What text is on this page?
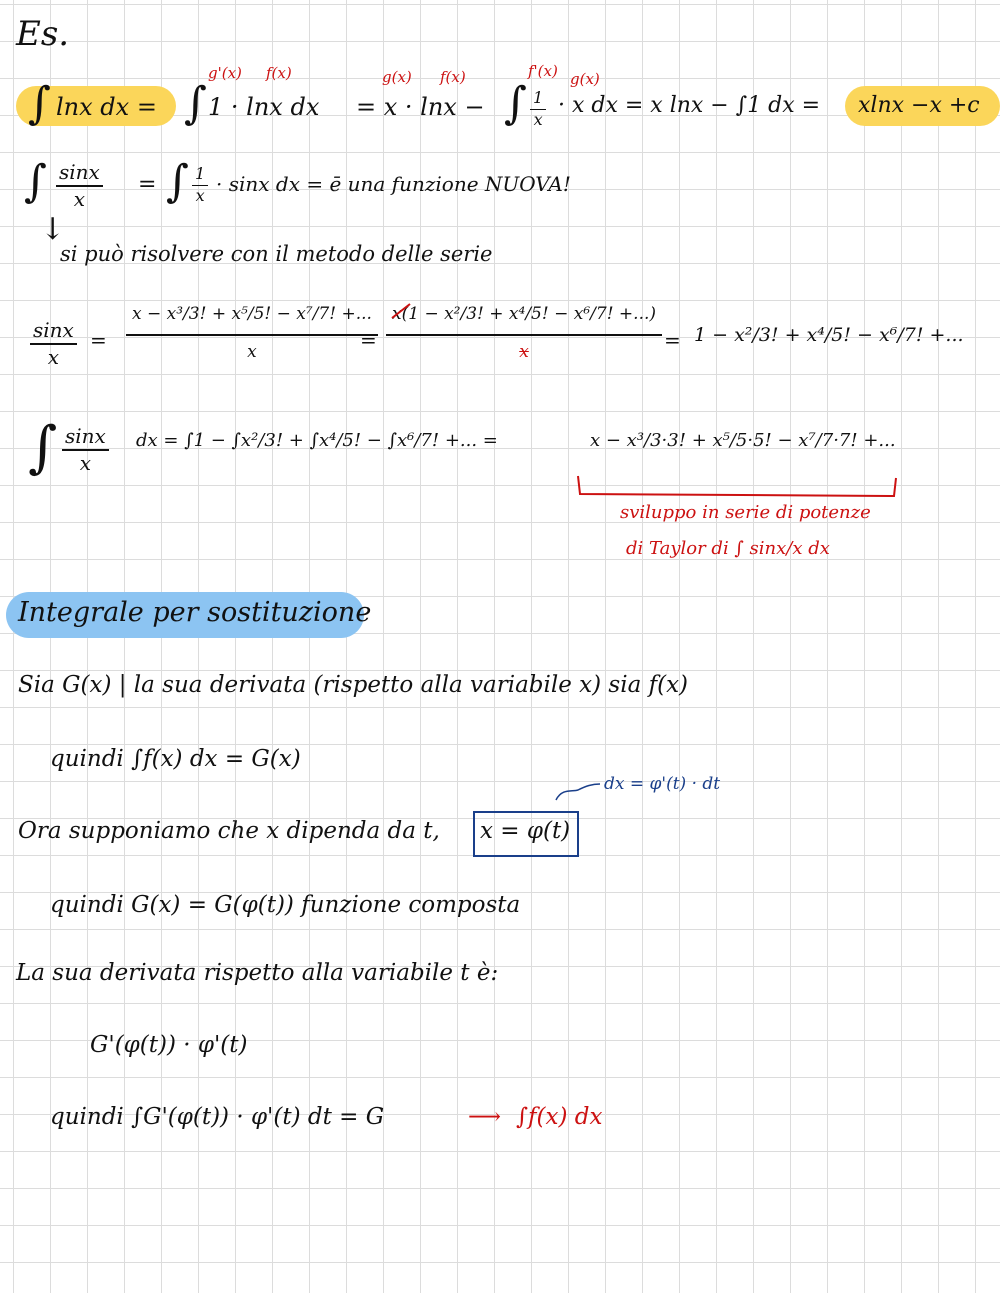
Es.
∫ lnx dx = ∫
g'(x) f(x)
1 · lnx dx
g(x) f(x)
= x · lnx − ∫
f'(x) g(x)
$\frac{1}{x} \cdot x$ dx = x lnx − ∫1 dx = xlnx −x +c
∫ $\frac{\sin x}{x}$ = ∫ $\frac{1}{x} \cdot \sin x$ dx = ē una funzione NUOVA!
↓
si può risolvere con il metodo delle serie
$\frac{\sin x}{x} = \frac{\text{x − x³/3! + x⁵/5! − x⁷/7! +...}}{x}$
= $\frac{\text{x(1 − x²/3! + x⁴/5! − x⁶/7! +...)}}{x} = 1 - x^2/3$! + x⁴/5! − x⁶/7! +...
∫ $\frac{\sin x}{x}$ dx = ∫1 − ∫x²/3! + ∫x⁴/5! − ∫x⁶/7! +... =	x − x³/3·3! + x⁵/5·5! − x⁷/7·7! +...
sviluppo in serie di potenze
di Taylor di ∫ sinx/x dx
Integrale per sostituzione
Sia G(x) | la sua derivata (rispetto alla variabile x) sia f(x)
quindi ∫f(x) dx = G(x)
dx = φ'(t) · dt
Ora supponiamo che x dipenda da t, x = φ(t)
quindi G(x) = G(φ(t)) funzione composta
La sua derivata rispetto alla variabile t è:
G'(φ(t)) · φ'(t)
quindi ∫G'(φ(t)) · φ'(t) dt = G	⟶ ∫f(x) dx
